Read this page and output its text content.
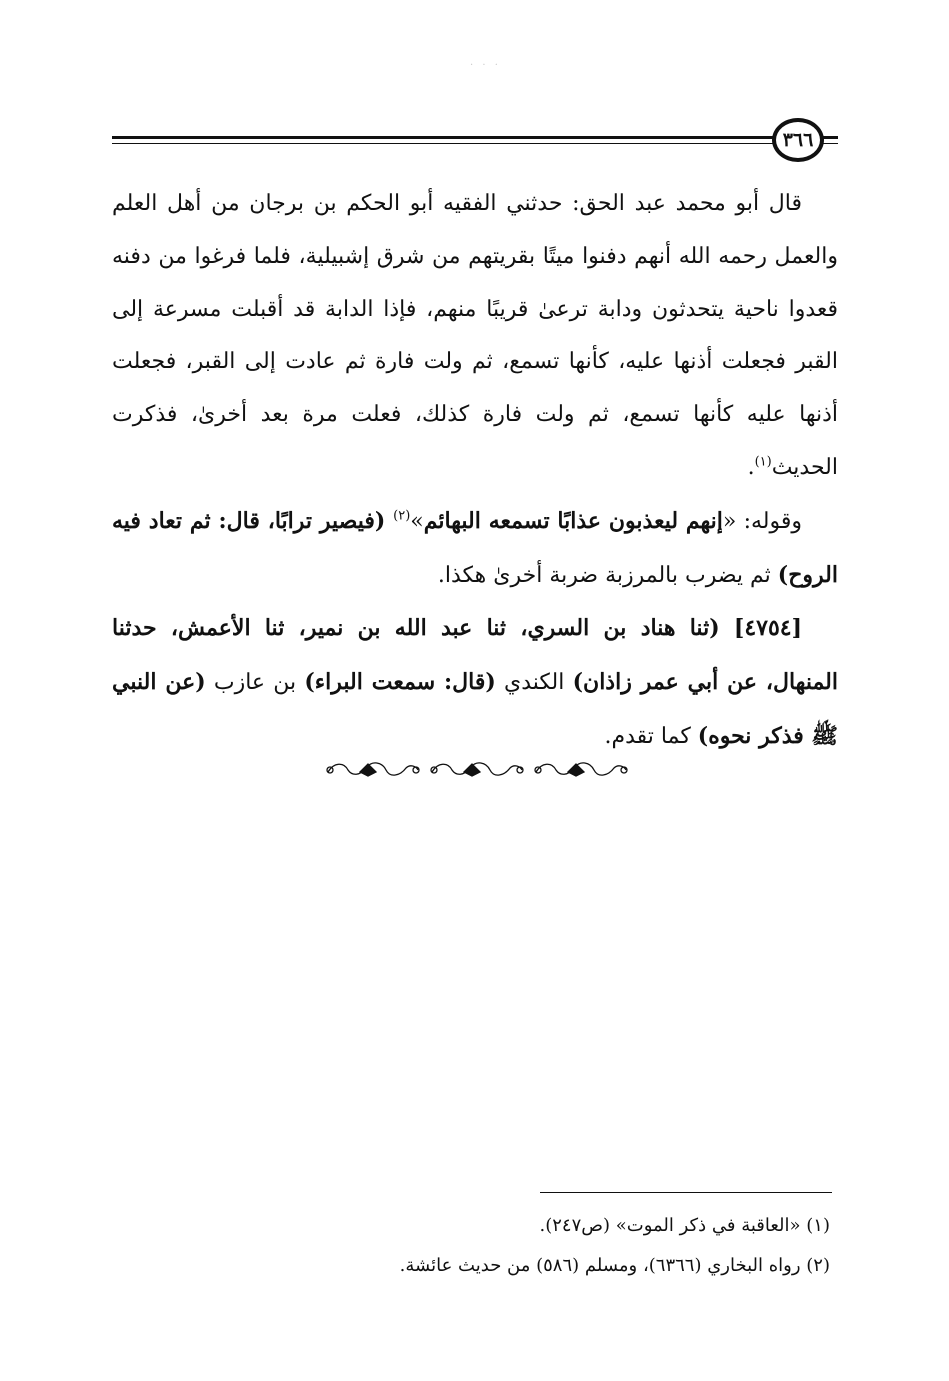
· · ·
٣٦٦

قال أبو محمد عبد الحق: حدثني الفقيه أبو الحكم بن برجان من أهل العلم والعمل رحمه الله أنهم دفنوا ميتًا بقريتهم من شرق إشبيلية، فلما فرغوا من دفنه قعدوا ناحية يتحدثون ودابة ترعىٰ قريبًا منهم، فإذا الدابة قد أقبلت مسرعة إلى القبر فجعلت أذنها عليه، كأنها تسمع، ثم ولت فارة ثم عادت إلى القبر، فجعلت أذنها عليه كأنها تسمع، ثم ولت فارة كذلك، فعلت مرة بعد أخرىٰ، فذكرت الحديث$^{(١)}$.

وقوله: «إنهم ليعذبون عذابًا تسمعه البهائم»$^{(٢)}$ (فيصير ترابًا، قال: ثم تعاد فيه الروح) ثم يضرب بالمرزبة ضربة أخرىٰ هكذا.

[٤٧٥٤] (ثنا هناد بن السري، ثنا عبد الله بن نمير، ثنا الأعمش، حدثنا المنهال، عن أبي عمر زاذان) الكندي (قال: سمعت البراء) بن عازب (عن النبي ﷺ فذكر نحوه) كما تقدم.

(١) «العاقبة في ذكر الموت» (ص٢٤٧).
(٢) رواه البخاري (٦٣٦٦)، ومسلم (٥٨٦) من حديث عائشة.
